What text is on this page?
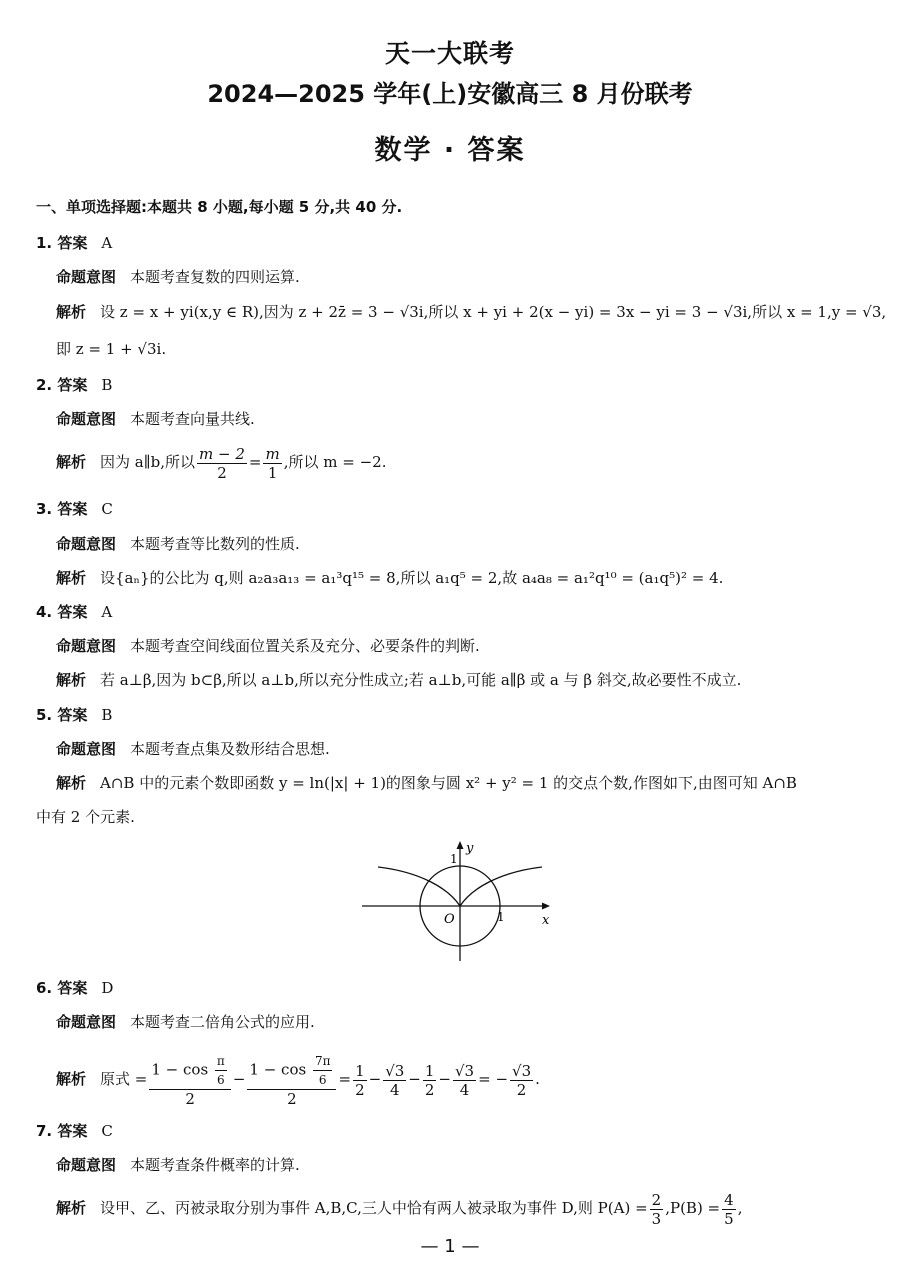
天一大联考
2024—2025 学年(上)安徽高三 8 月份联考
数学 · 答案
一、单项选择题:本题共 8 小题,每小题 5 分,共 40 分.
1. 答案 A
命题意图 本题考查复数的四则运算.
解析 设 z = x + yi(x,y ∈ R),因为 z + 2z̄ = 3 − √3i,所以 x + yi + 2(x − yi) = 3x − yi = 3 − √3i,所以 x = 1,y = √3,
即 z = 1 + √3i.
2. 答案 B
命题意图 本题考查向量共线.
解析 因为 a∥b,所以 $\frac{m - 2}{2} = \frac{m}{1}$ ,所以 m = −2.
3. 答案 C
命题意图 本题考查等比数列的性质.
解析 设{aₙ}的公比为 q,则 a₂a₃a₁₃ = a₁³q¹⁵ = 8,所以 a₁q⁵ = 2,故 a₄a₈ = a₁²q¹⁰ = (a₁q⁵)² = 4.
4. 答案 A
命题意图 本题考查空间线面位置关系及充分、必要条件的判断.
解析 若 a⊥β,因为 b⊂β,所以 a⊥b,所以充分性成立;若 a⊥b,可能 a∥β 或 a 与 β 斜交,故必要性不成立.
5. 答案 B
命题意图 本题考查点集及数形结合思想.
解析 A∩B 中的元素个数即函数 y = ln(|x| + 1)的图象与圆 x² + y² = 1 的交点个数,作图如下,由图可知 A∩B
中有 2 个元素.
y
x
O
1
1
6. 答案 D
命题意图 本题考查二倍角公式的应用.
解析 原式 = $\frac{1 - \cos \frac{\pi}{6}}{2} - \frac{1 - \cos \frac{7\pi}{6}}{2} = \frac{1}{2} - \frac{√3}{4} - \frac{1}{2} - \frac{√3}{4}$ = − $\frac{√3}{2}$ .
7. 答案 C
命题意图 本题考查条件概率的计算.
解析 设甲、乙、丙被录取分别为事件 A,B,C,三人中恰有两人被录取为事件 D,则 $P(A) = \frac{2}{3} ,P(B) = \frac{4}{5}$ ,
— 1 —
